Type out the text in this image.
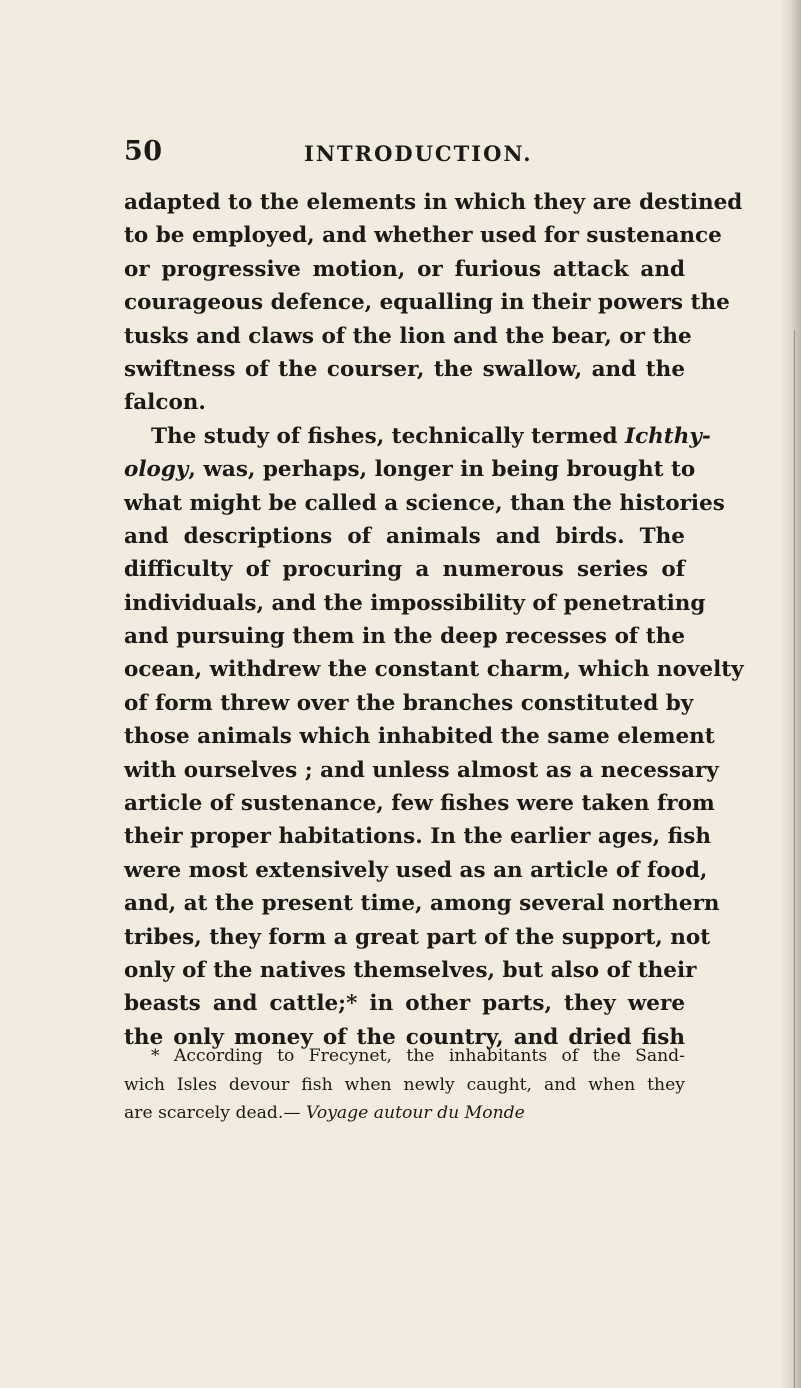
50	INTRODUCTION.
adapted to the elements in which they are destined
to be employed, and whether used for sustenance
or progressive motion, or furious attack and
courageous defence, equalling in their powers the
tusks and claws of the lion and the bear, or the
swiftness of the courser, the swallow, and the
falcon.
The study of fishes, technically termed Ichthy-
ology, was, perhaps, longer in being brought to
what might be called a science, than the histories
and descriptions of animals and birds. The
difficulty of procuring a numerous series of
individuals, and the impossibility of penetrating
and pursuing them in the deep recesses of the
ocean, withdrew the constant charm, which novelty
of form threw over the branches constituted by
those animals which inhabited the same element
with ourselves ; and unless almost as a necessary
article of sustenance, few fishes were taken from
their proper habitations. In the earlier ages, fish
were most extensively used as an article of food,
and, at the present time, among several northern
tribes, they form a great part of the support, not
only of the natives themselves, but also of their
beasts and cattle;* in other parts, they were
the only money of the country, and dried fish
* According to Frecynet, the inhabitants of the Sand-
wich Isles devour fish when newly caught, and when they
are scarcely dead.— Voyage autour du Monde
